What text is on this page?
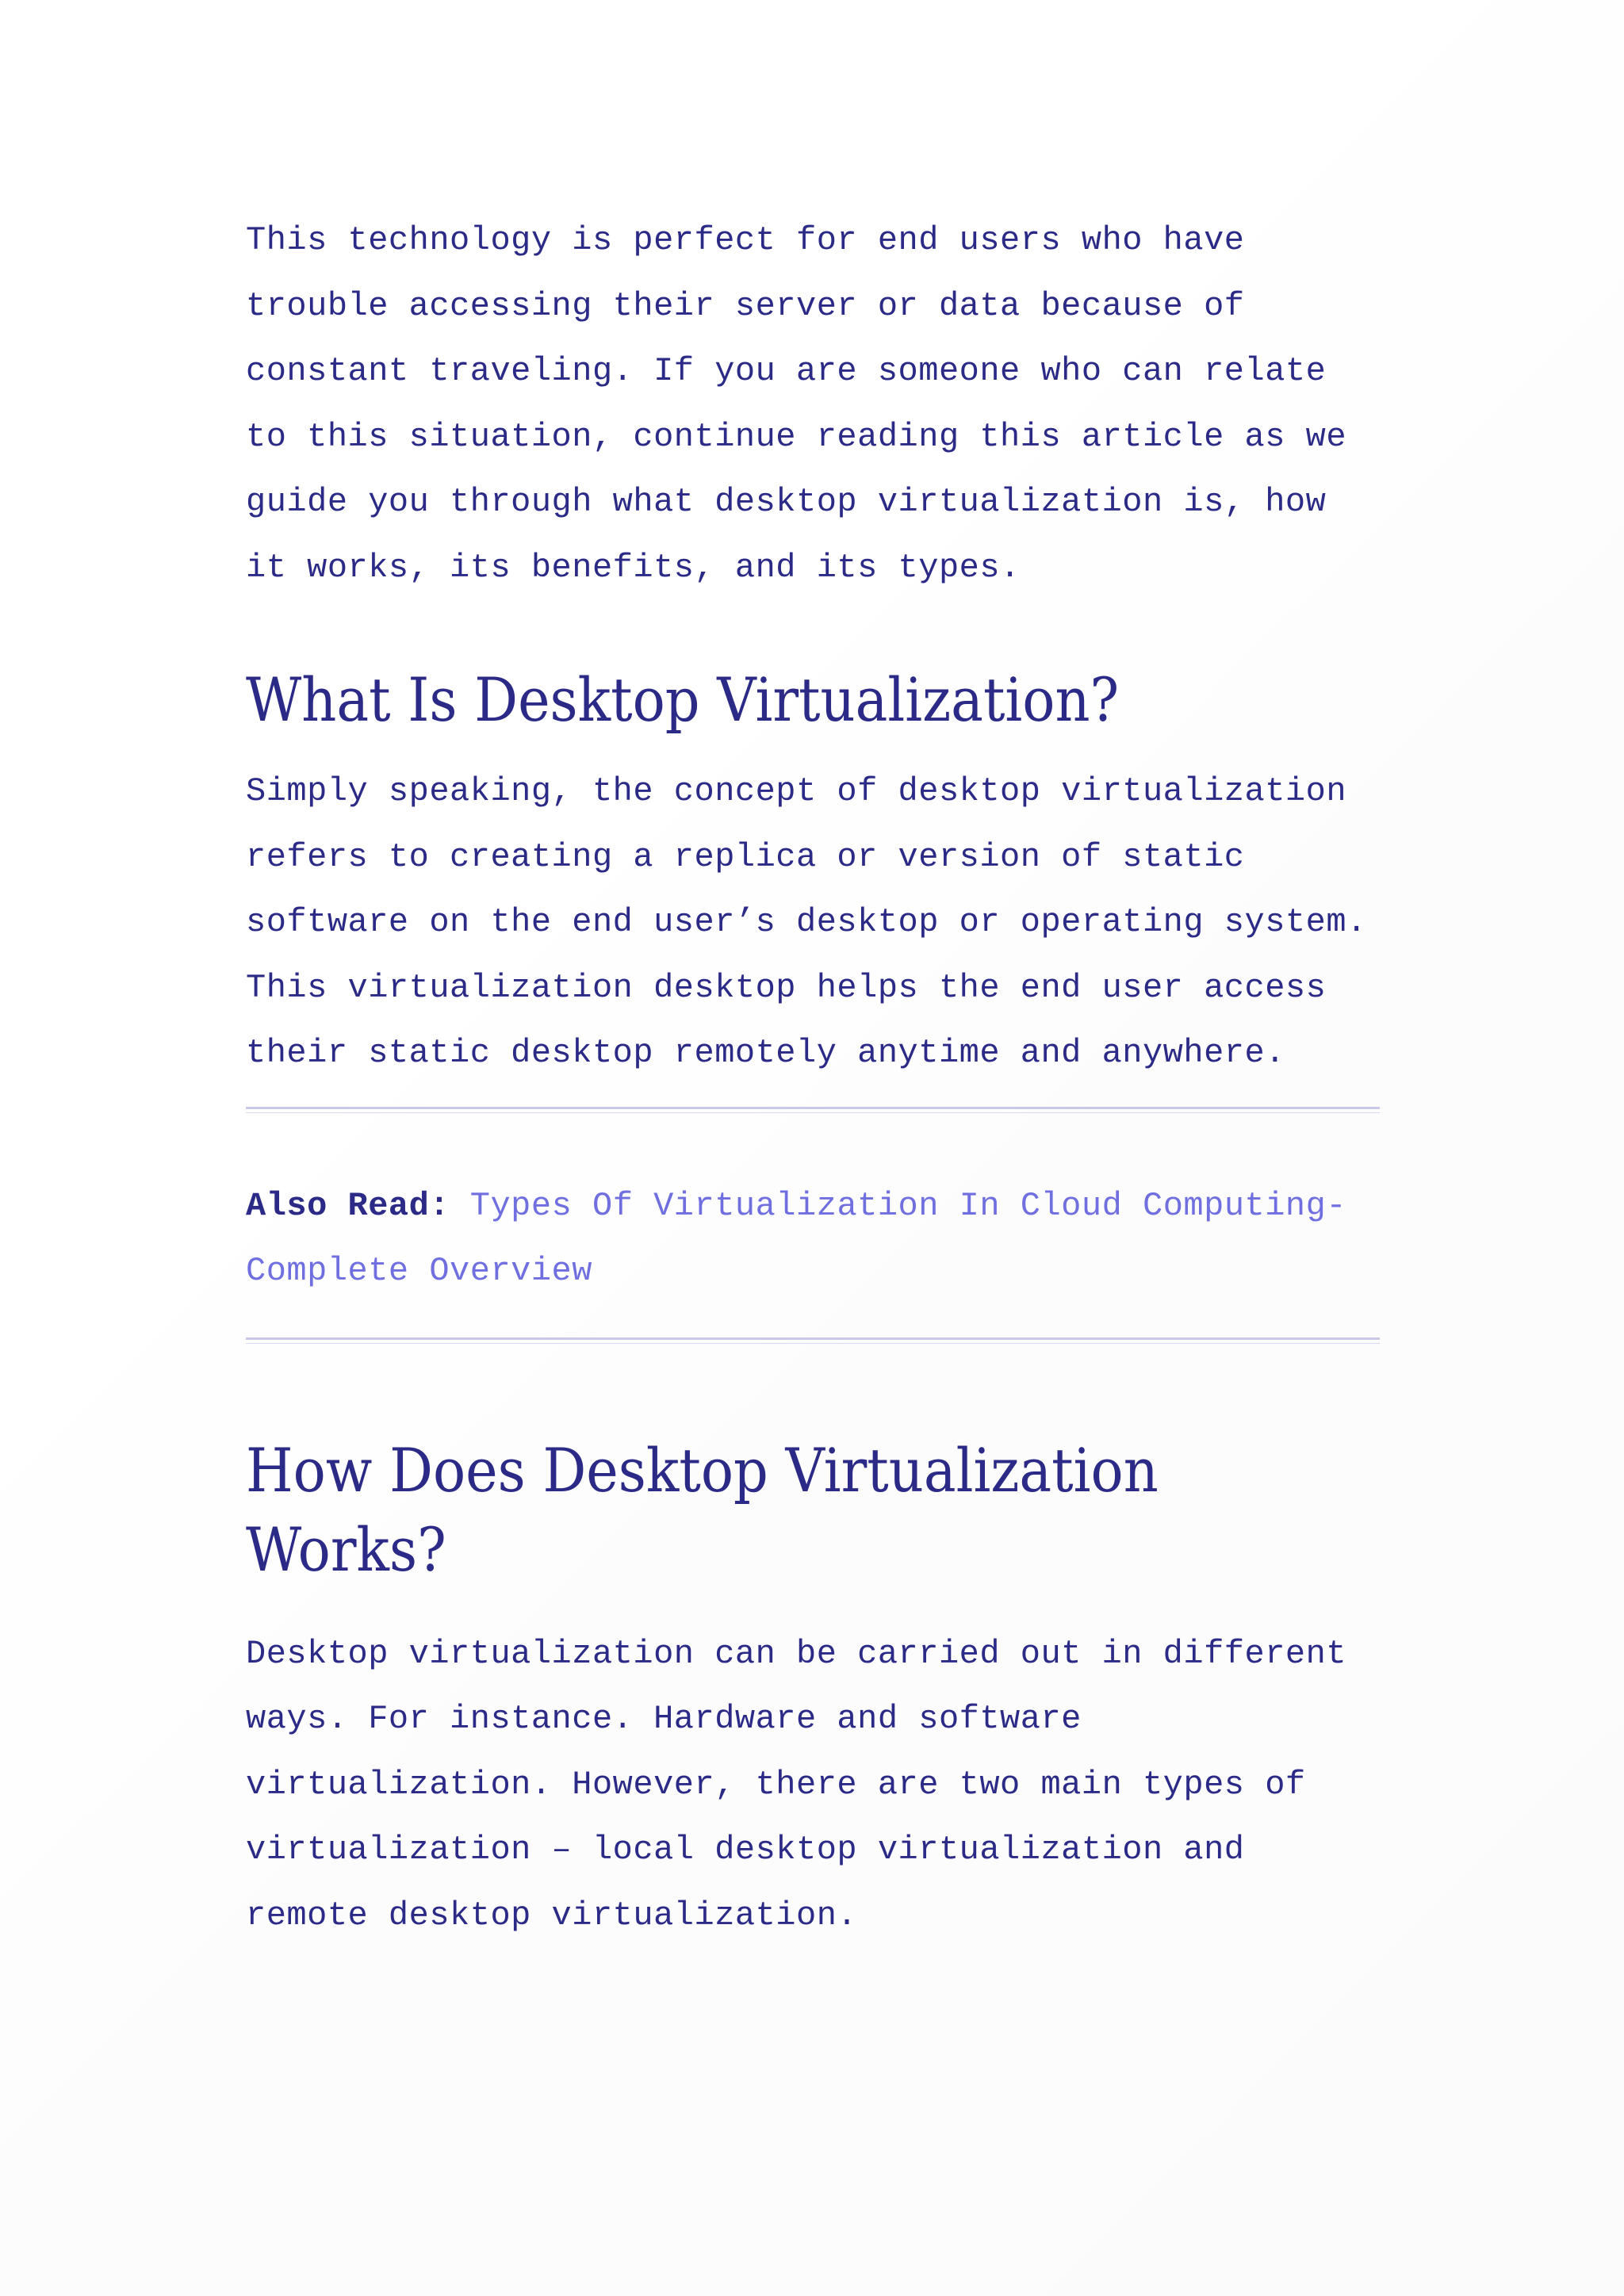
This technology is perfect for end users who have
trouble accessing their server or data because of
constant traveling. If you are someone who can relate
to this situation, continue reading this article as we
guide you through what desktop virtualization is, how
it works, its benefits, and its types.

What Is Desktop Virtualization?

Simply speaking, the concept of desktop virtualization
refers to creating a replica or version of static
software on the end user’s desktop or operating system.
This virtualization desktop helps the end user access
their static desktop remotely anytime and anywhere.

Also Read: Types Of Virtualization In Cloud Computing-
Complete Overview

How Does Desktop Virtualization
Works?

Desktop virtualization can be carried out in different
ways. For instance. Hardware and software
virtualization. However, there are two main types of
virtualization – local desktop virtualization and
remote desktop virtualization.
